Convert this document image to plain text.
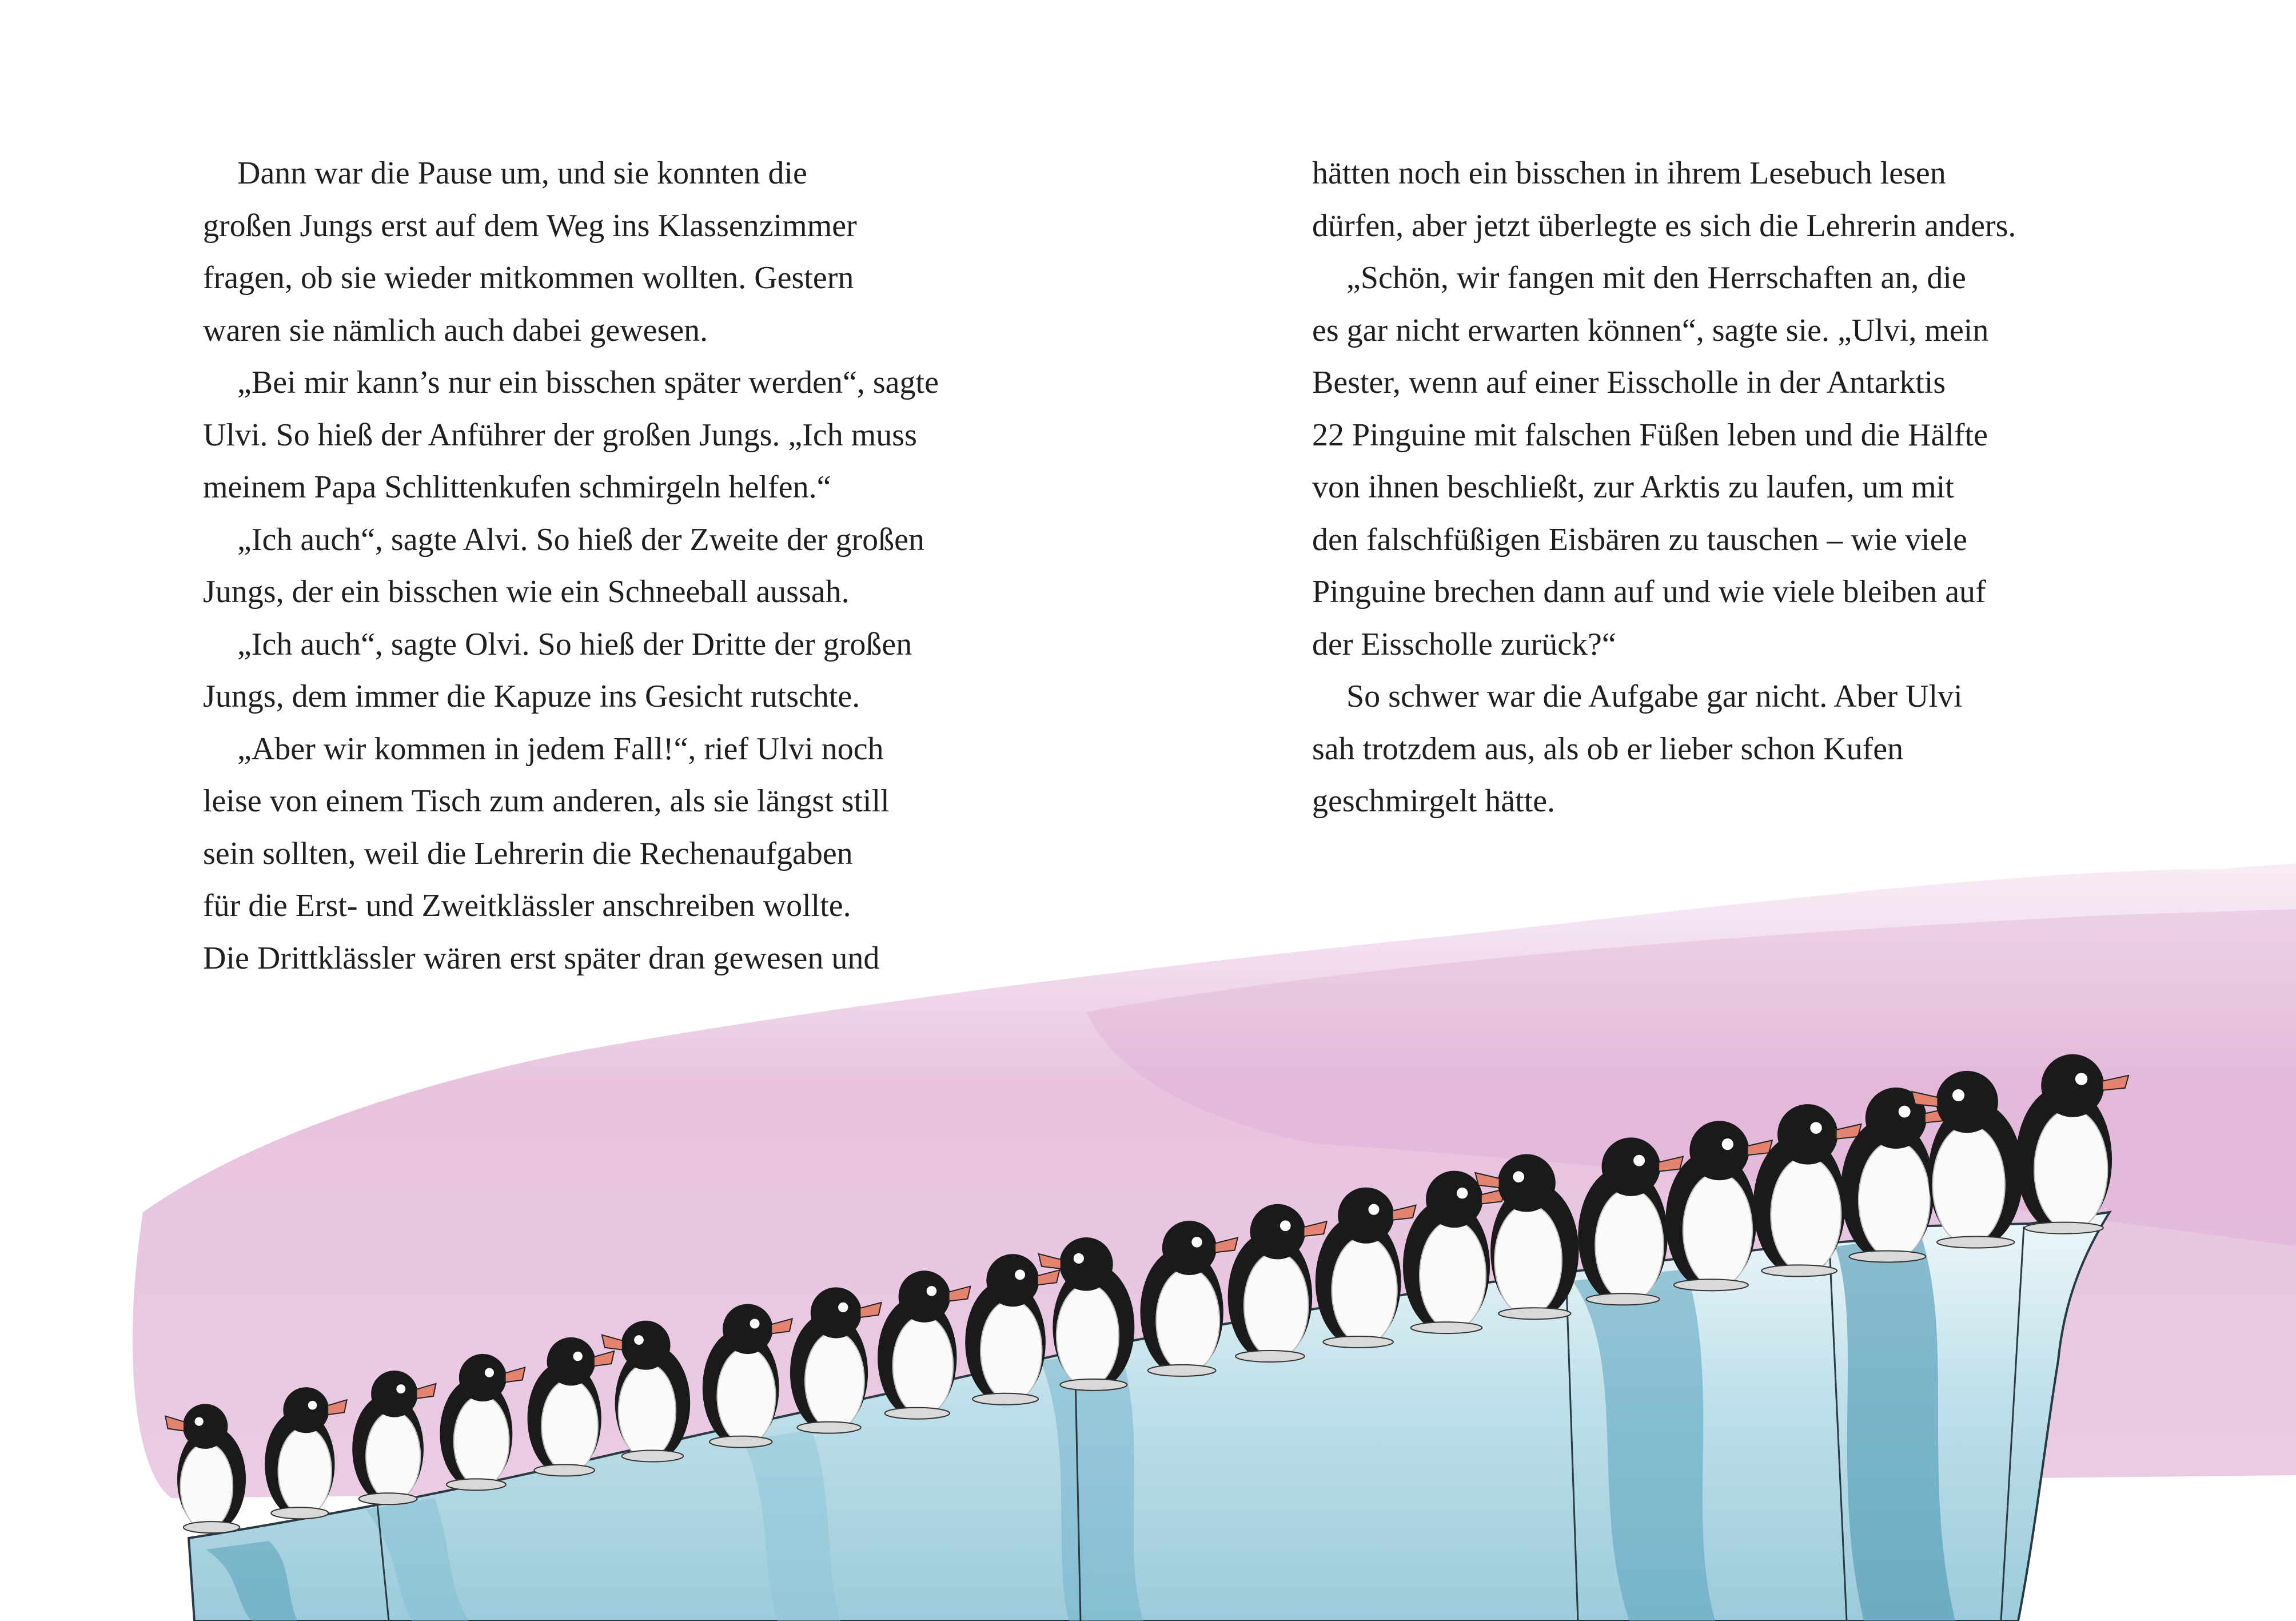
Dann war die Pause um, und sie konnten die
großen Jungs erst auf dem Weg ins Klassenzimmer
fragen, ob sie wieder mitkommen wollten. Gestern
waren sie nämlich auch dabei gewesen.
„Bei mir kann’s nur ein bisschen später werden“, sagte
Ulvi. So hieß der Anführer der großen Jungs. „Ich muss
meinem Papa Schlittenkufen schmirgeln helfen.“
„Ich auch“, sagte Alvi. So hieß der Zweite der großen
Jungs, der ein bisschen wie ein Schneeball aussah.
„Ich auch“, sagte Olvi. So hieß der Dritte der großen
Jungs, dem immer die Kapuze ins Gesicht rutschte.
„Aber wir kommen in jedem Fall!“, rief Ulvi noch
leise von einem Tisch zum anderen, als sie längst still
sein sollten, weil die Lehrerin die Rechenaufgaben
für die Erst- und Zweitklässler anschreiben wollte.
Die Drittklässler wären erst später dran gewesen und
hätten noch ein bisschen in ihrem Lesebuch lesen
dürfen, aber jetzt überlegte es sich die Lehrerin anders.
„Schön, wir fangen mit den Herrschaften an, die
es gar nicht erwarten können“, sagte sie. „Ulvi, mein
Bester, wenn auf einer Eisscholle in der Antarktis
22 Pinguine mit falschen Füßen leben und die Hälfte
von ihnen beschließt, zur Arktis zu laufen, um mit
den falschfüßigen Eisbären zu tauschen – wie viele
Pinguine brechen dann auf und wie viele bleiben auf
der Eisscholle zurück?“
So schwer war die Aufgabe gar nicht. Aber Ulvi
sah trotzdem aus, als ob er lieber schon Kufen
geschmirgelt hätte.
